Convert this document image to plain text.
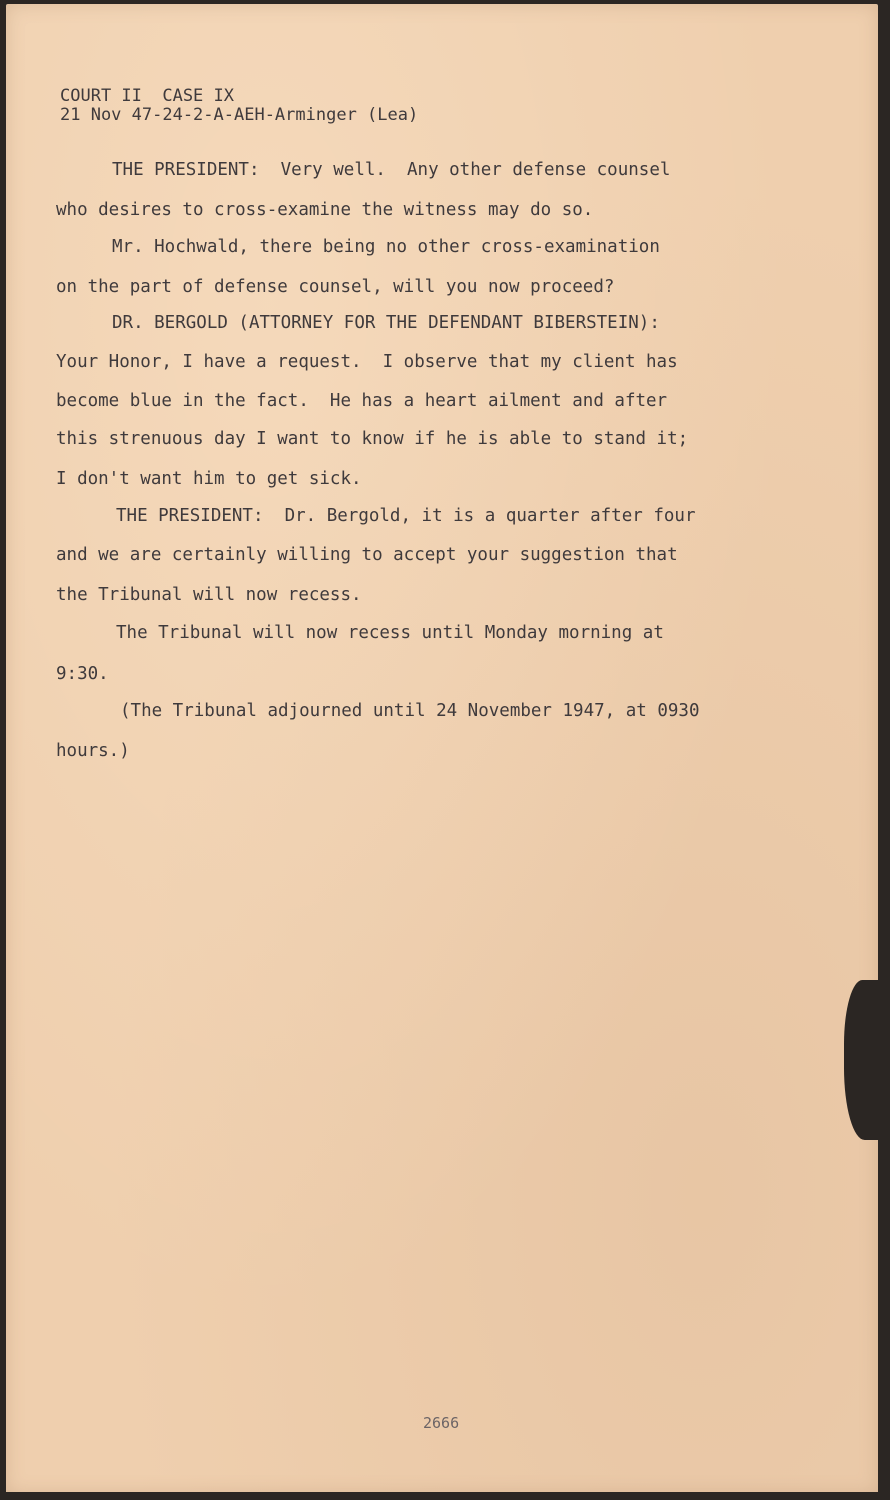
COURT II  CASE IX
21 Nov 47-24-2-A-AEH-Arminger (Lea)
THE PRESIDENT:  Very well.  Any other defense counsel
who desires to cross-examine the witness may do so.
Mr. Hochwald, there being no other cross-examination
on the part of defense counsel, will you now proceed?
DR. BERGOLD (ATTORNEY FOR THE DEFENDANT BIBERSTEIN):
Your Honor, I have a request.  I observe that my client has
become blue in the fact.  He has a heart ailment and after
this strenuous day I want to know if he is able to stand it;
I don't want him to get sick.
THE PRESIDENT:  Dr. Bergold, it is a quarter after four
and we are certainly willing to accept your suggestion that
the Tribunal will now recess.
The Tribunal will now recess until Monday morning at
9:30.
(The Tribunal adjourned until 24 November 1947, at 0930
hours.)
2666
